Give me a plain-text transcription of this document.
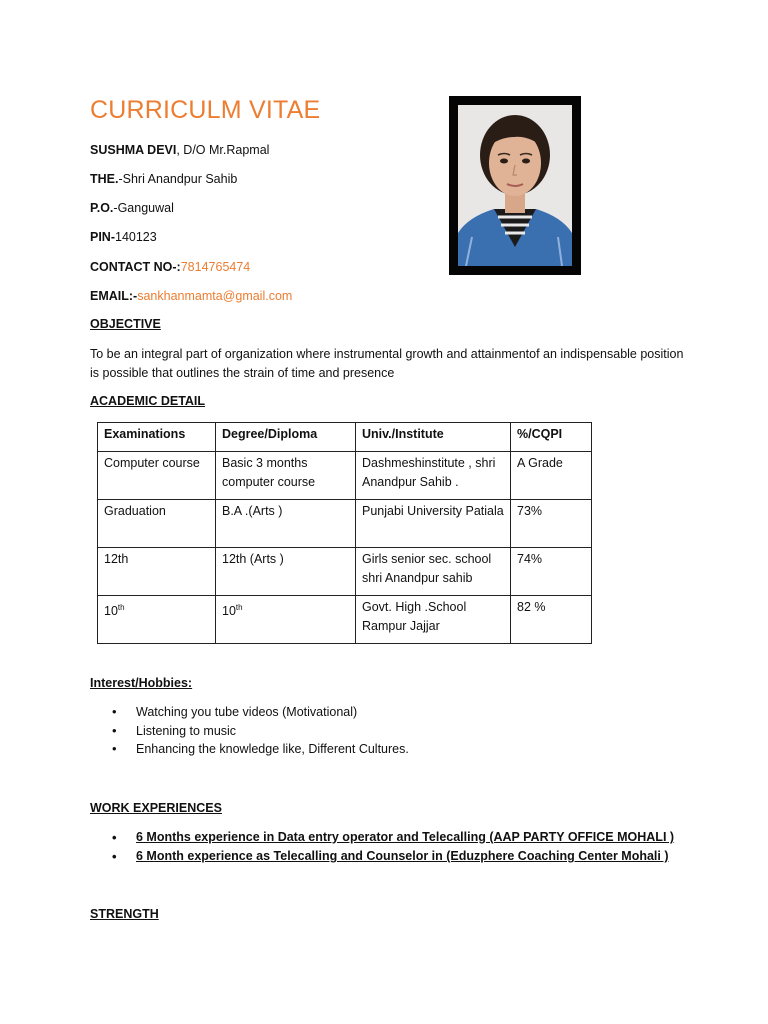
CURRICULM VITAE
SUSHMA DEVI, D/O Mr.Rapmal
THE.-Shri Anandpur Sahib
P.O.-Ganguwal
PIN-140123
CONTACT NO-:7814765474
EMAIL:-sankhanmamta@gmail.com
OBJECTIVE
To be an integral part of organization where instrumental growth and attainmentof an indispensable position is possible that outlines the strain of time and presence
ACADEMIC DETAIL
Examinations	Degree/Diploma	Univ./Institute	%/CQPI
Computer course	Basic 3 months computer course	Dashmeshinstitute , shri Anandpur Sahib .	A Grade
Graduation	B.A .(Arts )	Punjabi University Patiala	73%
12th	12th (Arts )	Girls senior sec. school shri Anandpur sahib	74%
10th	10th	Govt. High .School Rampur Jajjar	82 %
Interest/Hobbies:
• Watching you tube videos (Motivational)
• Listening to music
• Enhancing the knowledge like, Different Cultures.
WORK EXPERIENCES
• 6 Months experience in Data entry operator and Telecalling (AAP PARTY OFFICE MOHALI )
• 6 Month experience as Telecalling and Counselor in (Eduzphere Coaching Center Mohali )
STRENGTH
